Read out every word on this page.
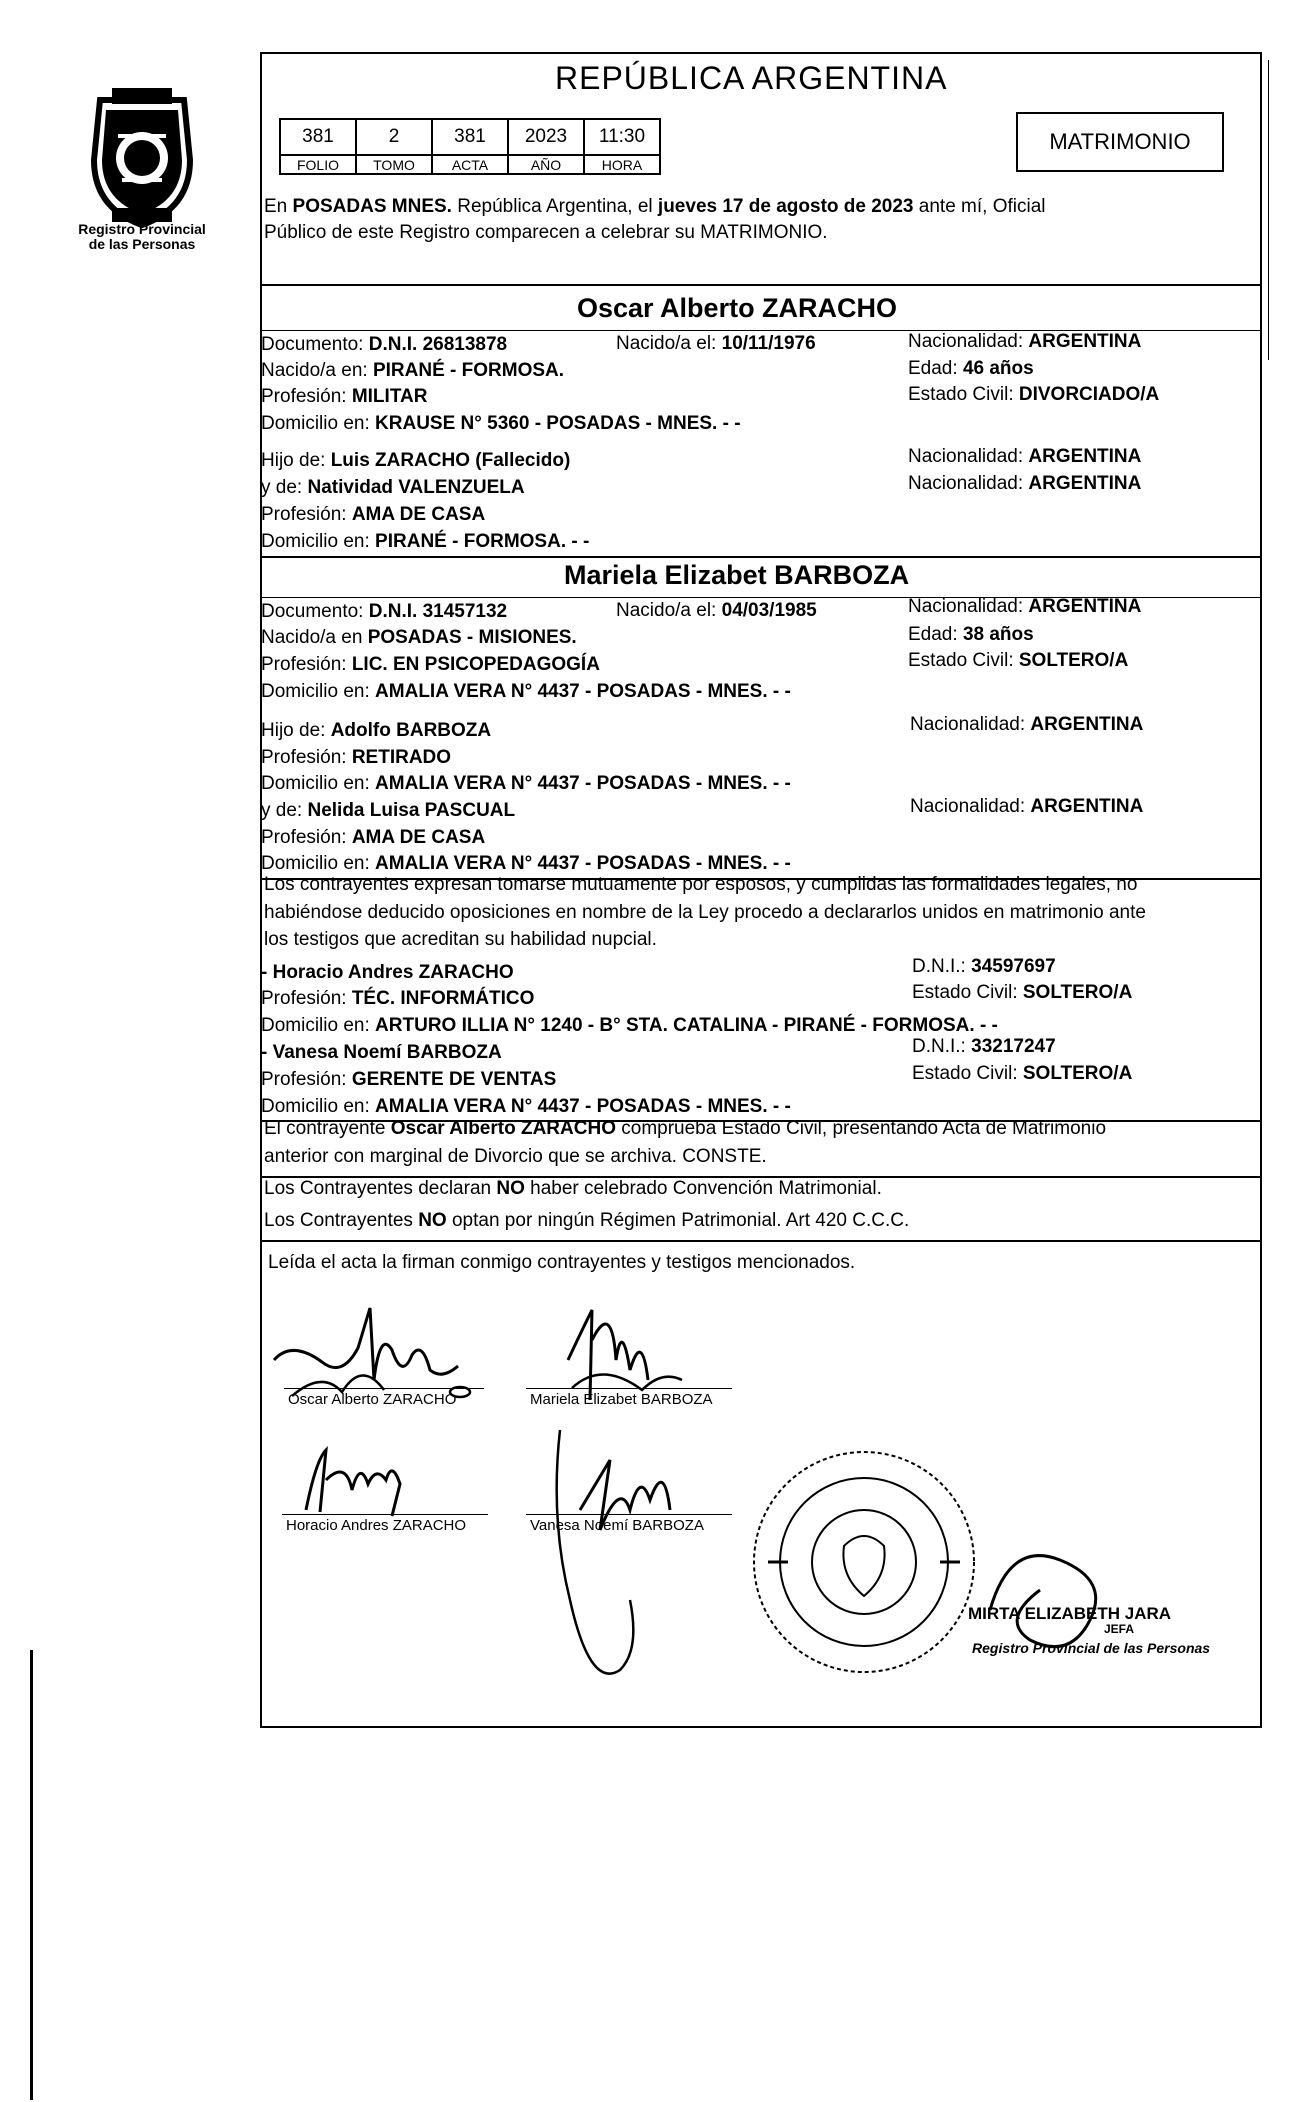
Registro Provincial
de las Personas
REPÚBLICA ARGENTINA
381	2	381	2023	11:30
FOLIO	TOMO	ACTA	AÑO	HORA
MATRIMONIO
En POSADAS MNES. República Argentina, el jueves 17 de agosto de 2023 ante mí, Oficial
Público de este Registro comparecen a celebrar su MATRIMONIO.
Oscar Alberto ZARACHO
Documento: D.N.I. 26813878	Nacido/a el: 10/11/1976	Nacionalidad: ARGENTINA
Nacido/a en: PIRANÉ - FORMOSA.	Edad: 46 años
Profesión: MILITAR	Estado Civil: DIVORCIADO/A
Domicilio en: KRAUSE N° 5360 - POSADAS - MNES. - -
Hijo de: Luis ZARACHO (Fallecido)	Nacionalidad: ARGENTINA
y de: Natividad VALENZUELA	Nacionalidad: ARGENTINA
Profesión: AMA DE CASA
Domicilio en: PIRANÉ - FORMOSA. - -
Mariela Elizabet BARBOZA
Documento: D.N.I. 31457132	Nacido/a el: 04/03/1985	Nacionalidad: ARGENTINA
Nacido/a en POSADAS - MISIONES.	Edad: 38 años
Profesión: LIC. EN PSICOPEDAGOGÍA	Estado Civil: SOLTERO/A
Domicilio en: AMALIA VERA N° 4437 - POSADAS - MNES. - -
Hijo de: Adolfo BARBOZA	Nacionalidad: ARGENTINA
Profesión: RETIRADO
Domicilio en: AMALIA VERA N° 4437 - POSADAS - MNES. - -
y de: Nelida Luisa PASCUAL	Nacionalidad: ARGENTINA
Profesión: AMA DE CASA
Domicilio en: AMALIA VERA N° 4437 - POSADAS - MNES. - -
Los contrayentes expresan tomarse mutuamente por esposos, y cumplidas las formalidades legales, no
habiéndose deducido oposiciones en nombre de la Ley procedo a declararlos unidos en matrimonio ante
los testigos que acreditan su habilidad nupcial.
- Horacio Andres ZARACHO	D.N.I.: 34597697
Profesión: TÉC. INFORMÁTICO	Estado Civil: SOLTERO/A
Domicilio en: ARTURO ILLIA N° 1240 - B° STA. CATALINA - PIRANÉ - FORMOSA. - -
- Vanesa Noemí BARBOZA	D.N.I.: 33217247
Profesión: GERENTE DE VENTAS	Estado Civil: SOLTERO/A
Domicilio en: AMALIA VERA N° 4437 - POSADAS - MNES. - -
El contrayente Oscar Alberto ZARACHO comprueba Estado Civil, presentando Acta de Matrimonio
anterior con marginal de Divorcio que se archiva. CONSTE.
Los Contrayentes declaran NO haber celebrado Convención Matrimonial.
Los Contrayentes NO optan por ningún Régimen Patrimonial. Art 420 C.C.C.
Leída el acta la firman conmigo contrayentes y testigos mencionados.
Oscar Alberto ZARACHO	Mariela Elizabet BARBOZA
Horacio Andres ZARACHO	Vanesa Noemí BARBOZA
MIRTA ELIZABETH JARA
JEFA
Registro Provincial de las Personas
